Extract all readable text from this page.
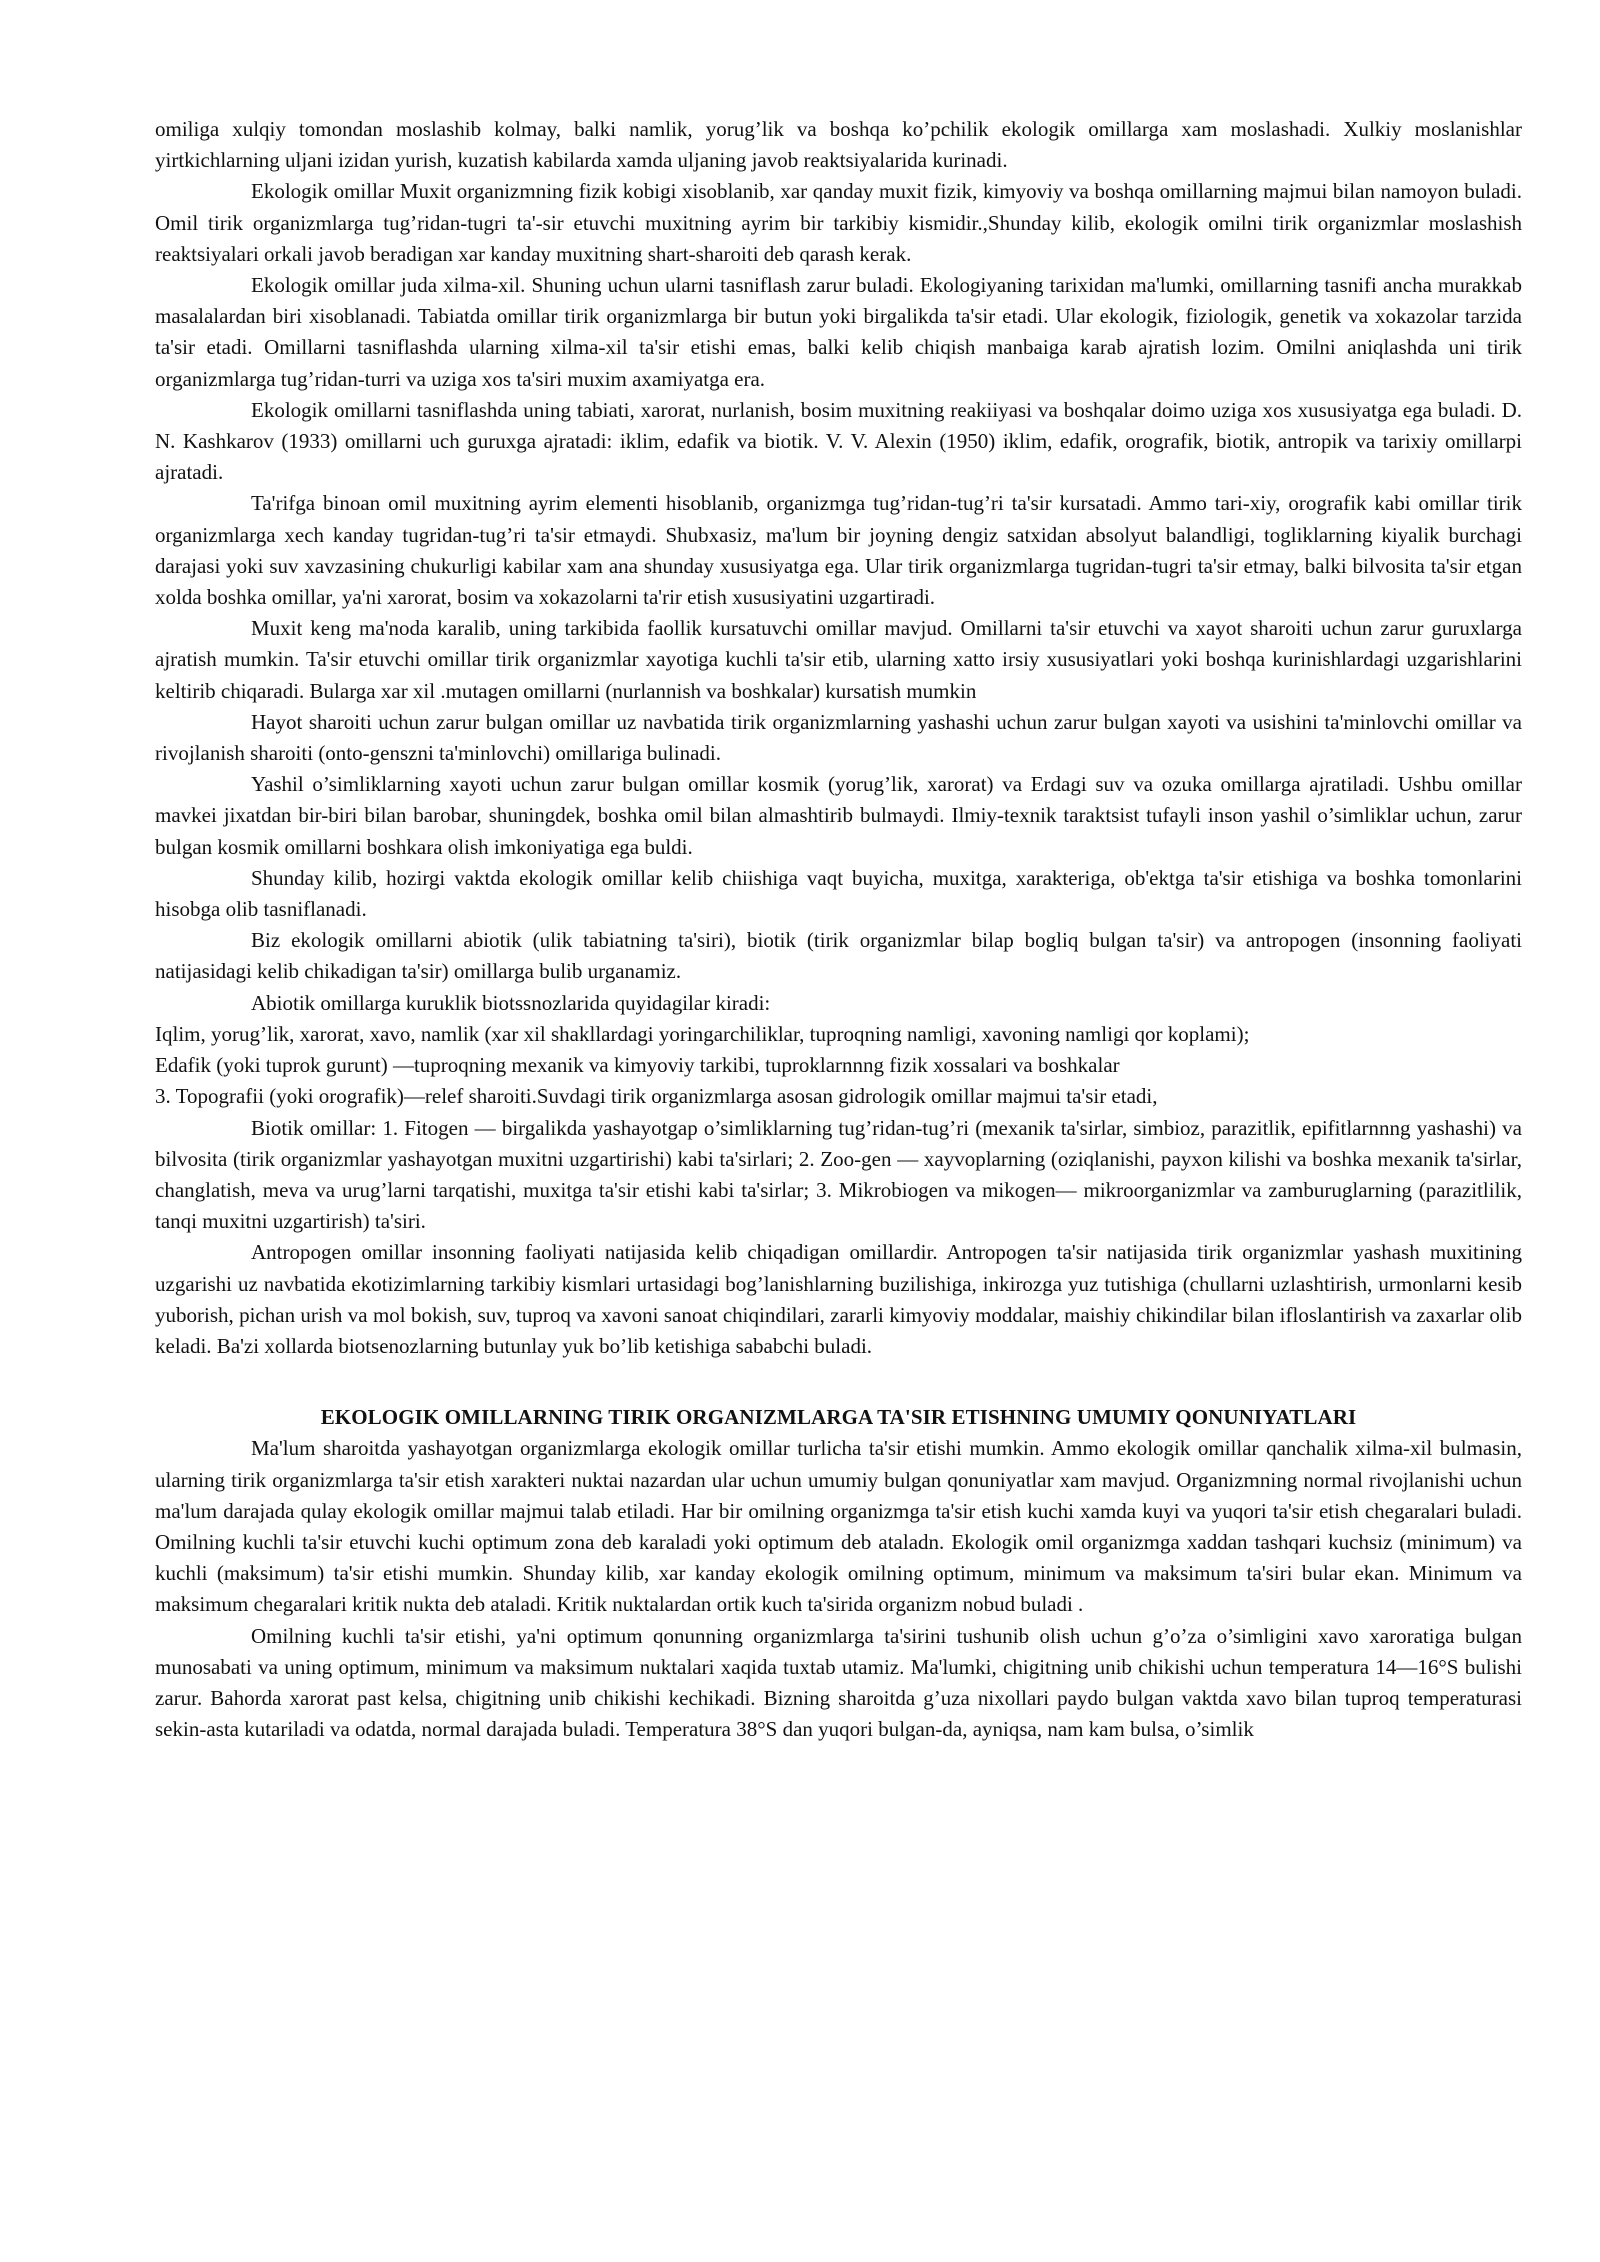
omiliga xulqiy tomondan moslashib kolmay, balki namlik, yorug’lik va boshqa ko’pchilik ekologik omillarga xam moslashadi. Xulkiy moslanishlar yirtkichlarning uljani izidan yurish, kuzatish kabilarda xamda uljaning javob reaktsiyalarida kurinadi.

Ekologik omillar Muxit organizmning fizik kobigi xisoblanib, xar qanday muxit fizik, kimyoviy va boshqa omillarning majmui bilan namoyon buladi. Omil tirik organizmlarga tug’ridan-tugri ta'-sir etuvchi muxitning ayrim bir tarkibiy kismidir.,Shunday kilib, ekologik omilni tirik organizmlar moslashish reaktsiyalari orkali javob beradigan xar kanday muxitning shart-sharoiti deb qarash kerak.

Ekologik omillar juda xilma-xil. Shuning uchun ularni tasniflash zarur buladi. Ekologiyaning tarixidan ma'lumki, omillarning tasnifi ancha murakkab masalalardan biri xisoblanadi. Tabiatda omillar tirik organizmlarga bir butun yoki birgalikda ta'sir etadi. Ular ekologik, fiziologik, genetik va xokazolar tarzida ta'sir etadi. Omillarni tasniflashda ularning xilma-xil ta'sir etishi emas, balki kelib chiqish manbaiga karab ajratish lozim. Omilni aniqlashda uni tirik organizmlarga tug’ridan-turri va uziga xos ta'siri muxim axamiyatga era.

Ekologik omillarni tasniflashda uning tabiati, xarorat, nurlanish, bosim muxitning reakiiyasi va boshqalar doimo uziga xos xususiyatga ega buladi. D. N. Kashkarov (1933) omillarni uch guruxga ajratadi: iklim, edafik va biotik. V. V. Alexin (1950) iklim, edafik, orografik, biotik, antropik va tarixiy omillarpi ajratadi.

Ta'rifga binoan omil muxitning ayrim elementi hisoblanib, organizmga tug’ridan-tug’ri ta'sir kursatadi. Ammo tari-xiy, orografik kabi omillar tirik organizmlarga xech kanday tugridan-tug’ri ta'sir etmaydi. Shubxasiz, ma'lum bir joyning dengiz satxidan absolyut balandligi, togliklarning kiyalik burchagi darajasi yoki suv xavzasining chukurligi kabilar xam ana shunday xususiyatga ega. Ular tirik organizmlarga tugridan-tugri ta'sir etmay, balki bilvosita ta'sir etgan xolda boshka omillar, ya'ni xarorat, bosim va xokazolarni ta'rir etish xususiyatini uzgartiradi.

Muxit keng ma'noda karalib, uning tarkibida faollik kursatuvchi omillar mavjud. Omillarni ta'sir etuvchi va xayot sharoiti uchun zarur guruxlarga ajratish mumkin. Ta'sir etuvchi omillar tirik organizmlar xayotiga kuchli ta'sir etib, ularning xatto irsiy xususiyatlari yoki boshqa kurinishlardagi uzgarishlarini keltirib chiqaradi. Bularga xar xil .mutagen omillarni (nurlannish va boshkalar) kursatish mumkin

Hayot sharoiti uchun zarur bulgan omillar uz navbatida tirik organizmlarning yashashi uchun zarur bulgan xayoti va usishini ta'minlovchi omillar va rivojlanish sharoiti (onto-genszni ta'minlovchi) omillariga bulinadi.

Yashil o’simliklarning xayoti uchun zarur bulgan omillar kosmik (yorug’lik, xarorat) va Erdagi suv va ozuka omillarga ajratiladi. Ushbu omillar mavkei jixatdan bir-biri bilan barobar, shuningdek, boshka omil bilan almashtirib bulmaydi. Ilmiy-texnik taraktsist tufayli inson yashil o’simliklar uchun, zarur bulgan kosmik omillarni boshkara olish imkoniyatiga ega buldi.

Shunday kilib, hozirgi vaktda ekologik omillar kelib chiishiga vaqt buyicha, muxitga, xarakteriga, ob'ektga ta'sir etishiga va boshka tomonlarini hisobga olib tasniflanadi.

Biz ekologik omillarni abiotik (ulik tabiatning ta'siri), biotik (tirik organizmlar bilap bogliq bulgan ta'sir) va antropogen (insonning faoliyati natijasidagi kelib chikadigan ta'sir) omillarga bulib urganamiz.

Abiotik omillarga kuruklik biotssnozlarida quyidagilar kiradi:

Iqlim, yorug’lik, xarorat, xavo, namlik (xar xil shakllardagi yoringarchiliklar, tuproqning namligi, xavoning namligi qor koplami);

Edafik (yoki tuprok gurunt) —tuproqning mexanik va kimyoviy tarkibi, tuproklarnnng fizik xossalari va boshkalar

3. Topografii (yoki orografik)—relef sharoiti.Suvdagi tirik organizmlarga asosan gidrologik omillar majmui ta'sir etadi,

Biotik omillar: 1. Fitogen — birgalikda yashayotgap o’simliklarning tug’ridan-tug’ri (mexanik ta'sirlar, simbioz, parazitlik, epifitlarnnng yashashi) va bilvosita (tirik organizmlar yashayotgan muxitni uzgartirishi) kabi ta'sirlari; 2. Zoo-gen — xayvoplarning (oziqlanishi, payxon kilishi va boshka mexanik ta'sirlar, changlatish, meva va urug’larni tarqatishi, muxitga ta'sir etishi kabi ta'sirlar; 3. Mikrobiogen va mikogen— mikroorganizmlar va zamburuglarning (parazitlilik, tanqi muxitni uzgartirish) ta'siri.

Antropogen omillar insonning faoliyati natijasida kelib chiqadigan omillardir. Antropogen ta'sir natijasida tirik organizmlar yashash muxitining uzgarishi uz navbatida ekotizimlarning tarkibiy kismlari urtasidagi bog’lanishlarning buzilishiga, inkirozga yuz tutishiga (chullarni uzlashtirish, urmonlarni kesib yuborish, pichan urish va mol bokish, suv, tuproq va xavoni sanoat chiqindilari, zararli kimyoviy moddalar, maishiy chikindilar bilan ifloslantirish va zaxarlar olib keladi. Ba'zi xollarda biotsenozlarning butunlay yuk bo’lib ketishiga sababchi buladi.

EKOLOGIK OMILLARNING TIRIK ORGANIZMLARGA TA'SIR ETISHNING UMUMIY QONUNIYATLARI

Ma'lum sharoitda yashayotgan organizmlarga ekologik omillar turlicha ta'sir etishi mumkin. Ammo ekologik omillar qanchalik xilma-xil bulmasin, ularning tirik organizmlarga ta'sir etish xarakteri nuktai nazardan ular uchun umumiy bulgan qonuniyatlar xam mavjud. Organizmning normal rivojlanishi uchun ma'lum darajada qulay ekologik omillar majmui talab etiladi. Har bir omilning organizmga ta'sir etish kuchi xamda kuyi va yuqori ta'sir etish chegaralari buladi. Omilning kuchli ta'sir etuvchi kuchi optimum zona deb karaladi yoki optimum deb ataladn. Ekologik omil organizmga xaddan tashqari kuchsiz (minimum) va kuchli (maksimum) ta'sir etishi mumkin. Shunday kilib, xar kanday ekologik omilning optimum, minimum va maksimum ta'siri bular ekan. Minimum va maksimum chegaralari kritik nukta deb ataladi. Kritik nuktalardan ortik kuch ta'sirida organizm nobud buladi .

Omilning kuchli ta'sir etishi, ya'ni optimum qonunning organizmlarga ta'sirini tushunib olish uchun g’o’za o’simligini xavo xaroratiga bulgan munosabati va uning optimum, minimum va maksimum nuktalari xaqida tuxtab utamiz. Ma'lumki, chigitning unib chikishi uchun temperatura 14—16°S bulishi zarur. Bahorda xarorat past kelsa, chigitning unib chikishi kechikadi. Bizning sharoitda g’uza nixollari paydo bulgan vaktda xavo bilan tuproq temperaturasi sekin-asta kutariladi va odatda, normal darajada buladi. Temperatura 38°S dan yuqori bulgan-da, ayniqsa, nam kam bulsa, o’simlik
